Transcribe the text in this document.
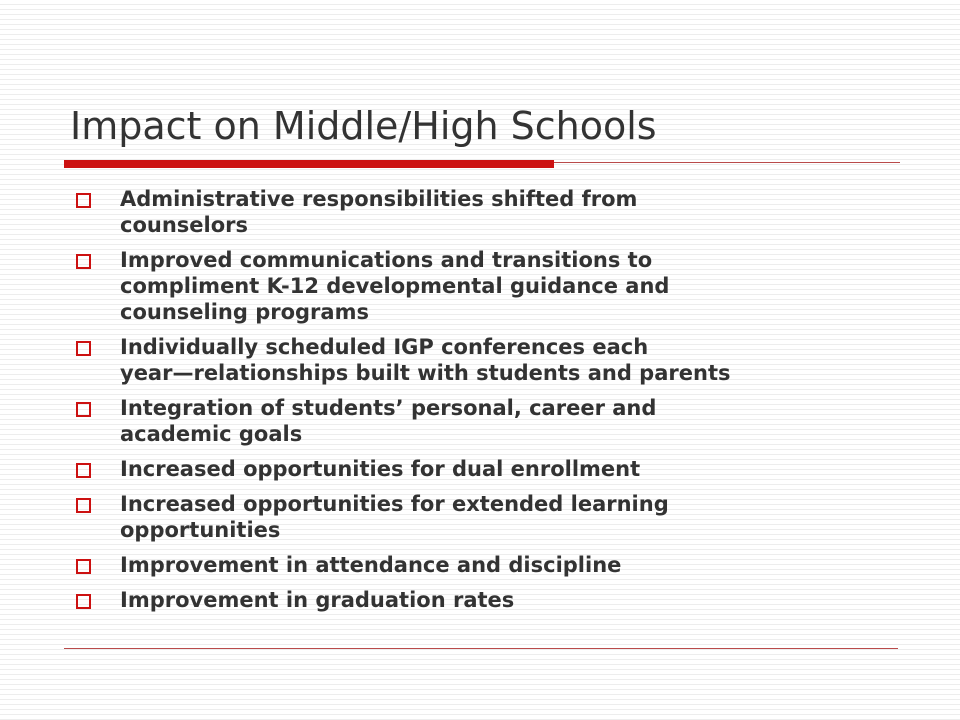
Impact on Middle/High Schools
Administrative responsibilities shifted from
counselors
Improved communications and transitions to
compliment K-12 developmental guidance and
counseling programs
Individually scheduled IGP conferences each
year—relationships built with students and parents
Integration of students’ personal, career and
academic goals
Increased opportunities for dual enrollment
Increased opportunities for extended learning
opportunities
Improvement in attendance and discipline
Improvement in graduation rates
